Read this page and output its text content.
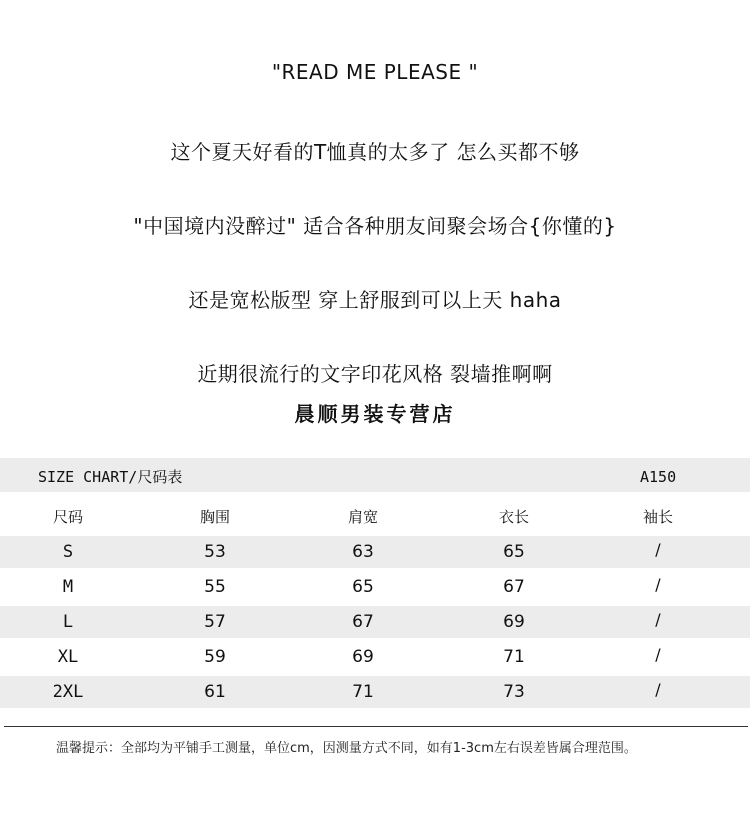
"READ ME PLEASE "
这个夏天好看的T恤真的太多了 怎么买都不够
"中国境内没醉过" 适合各种朋友间聚会场合{你懂的}
还是宽松版型 穿上舒服到可以上天 haha
近期很流行的文字印花风格 裂墙推啊啊
晨顺男装专营店
SIZE CHART/尺码表	A150
尺码	胸围	肩宽	衣长	袖长
S	53	63	65	/
M	55	65	67	/
L	57	67	69	/
XL	59	69	71	/
2XL	61	71	73	/
温馨提示：全部均为平铺手工测量，单位cm，因测量方式不同，如有1-3cm左右误差皆属合理范围。
